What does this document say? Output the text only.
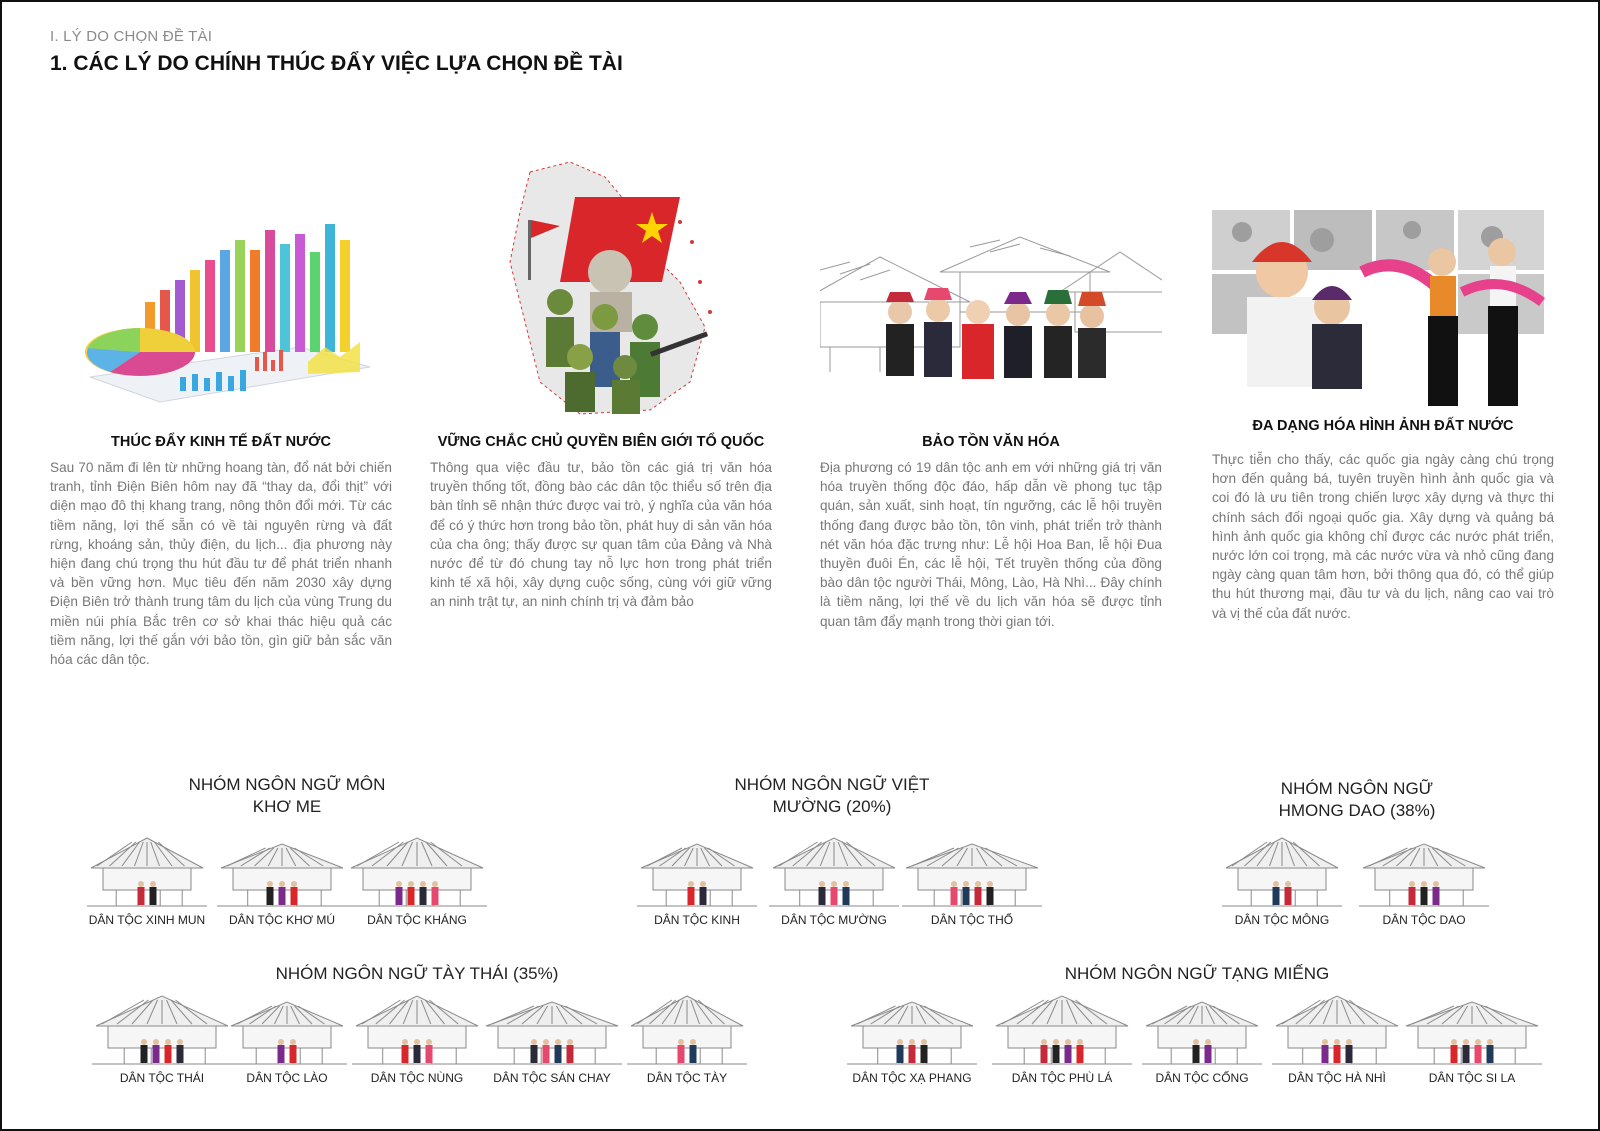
I. LÝ DO CHỌN ĐỀ TÀI
1. CÁC LÝ DO CHÍNH THÚC ĐẨY VIỆC LỰA CHỌN ĐỀ TÀI
THÚC ĐẨY KINH TẾ ĐẤT NƯỚC
Sau 70 năm đi lên từ những hoang tàn, đổ nát bởi chiến tranh, tỉnh Điện Biên hôm nay đã “thay da, đổi thịt” với diện mạo đô thị khang trang, nông thôn đổi mới. Từ các tiềm năng, lợi thế sẵn có về tài nguyên rừng và đất rừng, khoáng sản, thủy điện, du lịch... địa phương này hiện đang chú trọng thu hút đầu tư để phát triển nhanh và bền vững hơn. Mục tiêu đến năm 2030 xây dựng Điện Biên trở thành trung tâm du lịch của vùng Trung du miền núi phía Bắc trên cơ sở khai thác hiệu quả các tiềm năng, lợi thế gắn với bảo tồn, gìn giữ bản sắc văn hóa các dân tộc.
VỮNG CHẮC CHỦ QUYỀN BIÊN GIỚI TỔ QUỐC
Thông qua việc đầu tư, bảo tồn các giá trị văn hóa truyền thống tốt, đồng bào các dân tộc thiểu số trên địa bàn tỉnh sẽ nhận thức được vai trò, ý nghĩa của văn hóa để có ý thức hơn trong bảo tồn, phát huy di sản văn hóa của cha ông; thấy được sự quan tâm của Đảng và Nhà nước để từ đó chung tay nỗ lực hơn trong phát triển kinh tế xã hội, xây dựng cuộc sống, cùng với giữ vững an ninh trật tự, an ninh chính trị và đảm bảo
BẢO TỒN VĂN HÓA
Địa phương có 19 dân tộc anh em với những giá trị văn hóa truyền thống độc đáo, hấp dẫn về phong tục tập quán, sản xuất, sinh hoạt, tín ngưỡng, các lễ hội truyền thống đang được bảo tồn, tôn vinh, phát triển trở thành nét văn hóa đặc trưng như: Lễ hội Hoa Ban, lễ hội Đua thuyền đuôi Én, các lễ hội, Tết truyền thống của đồng bào dân tộc người Thái, Mông, Lào, Hà Nhì... Đây chính là tiềm năng, lợi thế về du lịch văn hóa sẽ được tỉnh quan tâm đẩy mạnh trong thời gian tới.
ĐA DẠNG HÓA HÌNH ẢNH ĐẤT NƯỚC
Thực tiễn cho thấy, các quốc gia ngày càng chú trọng hơn đến quảng bá, tuyên truyền hình ảnh quốc gia và coi đó là ưu tiên trong chiến lược xây dựng và thực thi chính sách đối ngoại quốc gia. Xây dựng và quảng bá hình ảnh quốc gia không chỉ được các nước phát triển, nước lớn coi trọng, mà các nước vừa và nhỏ cũng đang ngày càng quan tâm hơn, bởi thông qua đó, có thể giúp thu hút thương mại, đầu tư và du lịch, nâng cao vai trò và vị thế của đất nước.
NHÓM NGÔN NGỮ MÔN
KHƠ ME
NHÓM NGÔN NGỮ VIỆT
MƯỜNG (20%)
NHÓM NGÔN NGỮ
HMONG DAO (38%)
NHÓM NGÔN NGỮ TÀY THÁI (35%)	NHÓM NGÔN NGỮ TẠNG MIẾNG
DÂN TỘC XINH MUN	DÂN TỘC KHƠ MÚ	DÂN TỘC KHÁNG	DÂN TỘC KINH	DÂN TỘC MƯỜNG	DÂN TỘC THỔ	DÂN TỘC MÔNG	DÂN TỘC DAO
DÂN TỘC THÁI	DÂN TỘC LÀO	DÂN TỘC NÙNG	DÂN TỘC SÁN CHAY	DÂN TỘC TÀY	DÂN TỘC XẠ PHANG	DÂN TỘC PHÙ LÁ	DÂN TỘC CỐNG	DÂN TỘC HÀ NHÌ	DÂN TỘC SI LA
